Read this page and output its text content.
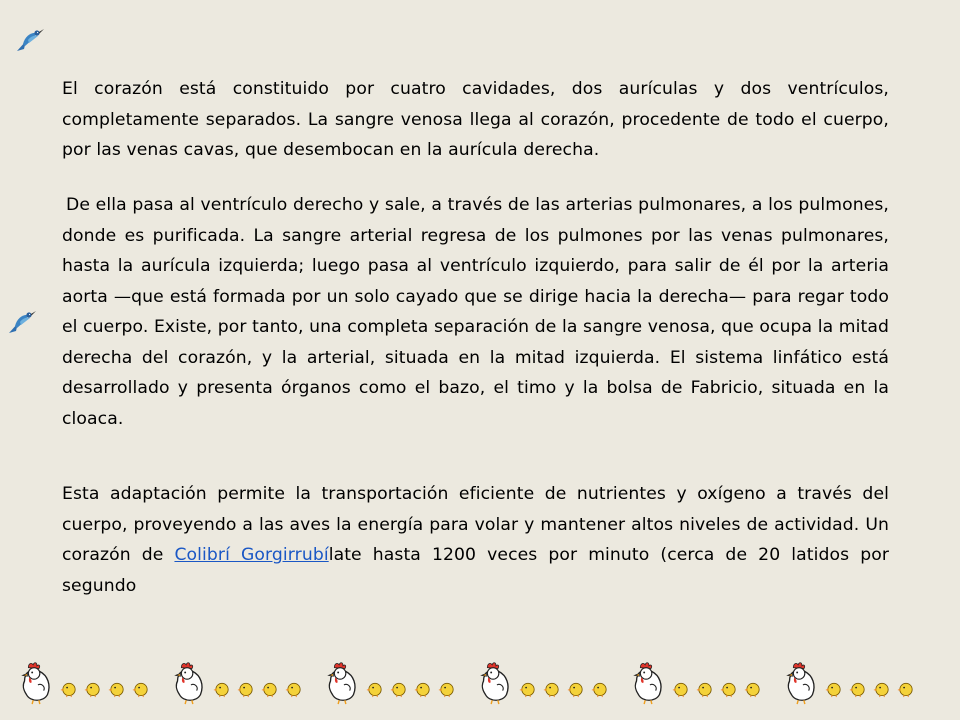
El corazón está constituido por cuatro cavidades, dos aurículas y dos ventrículos, completamente separados. La sangre venosa llega al corazón, procedente de todo el cuerpo, por las venas cavas, que desembocan en la aurícula derecha.

De ella pasa al ventrículo derecho y sale, a través de las arterias pulmonares, a los pulmones, donde es purificada. La sangre arterial regresa de los pulmones por las venas pulmonares, hasta la aurícula izquierda; luego pasa al ventrículo izquierdo, para salir de él por la arteria aorta —que está formada por un solo cayado que se dirige hacia la derecha— para regar todo el cuerpo. Existe, por tanto, una completa separación de la sangre venosa, que ocupa la mitad derecha del corazón, y la arterial, situada en la mitad izquierda. El sistema linfático está desarrollado y presenta órganos como el bazo, el timo y la bolsa de Fabricio, situada en la cloaca.

Esta adaptación permite la transportación eficiente de nutrientes y oxígeno a través del cuerpo, proveyendo a las aves la energía para volar y mantener altos niveles de actividad. Un corazón de Colibrí Gorgirrubílate hasta 1200 veces por minuto (cerca de 20 latidos por segundo
